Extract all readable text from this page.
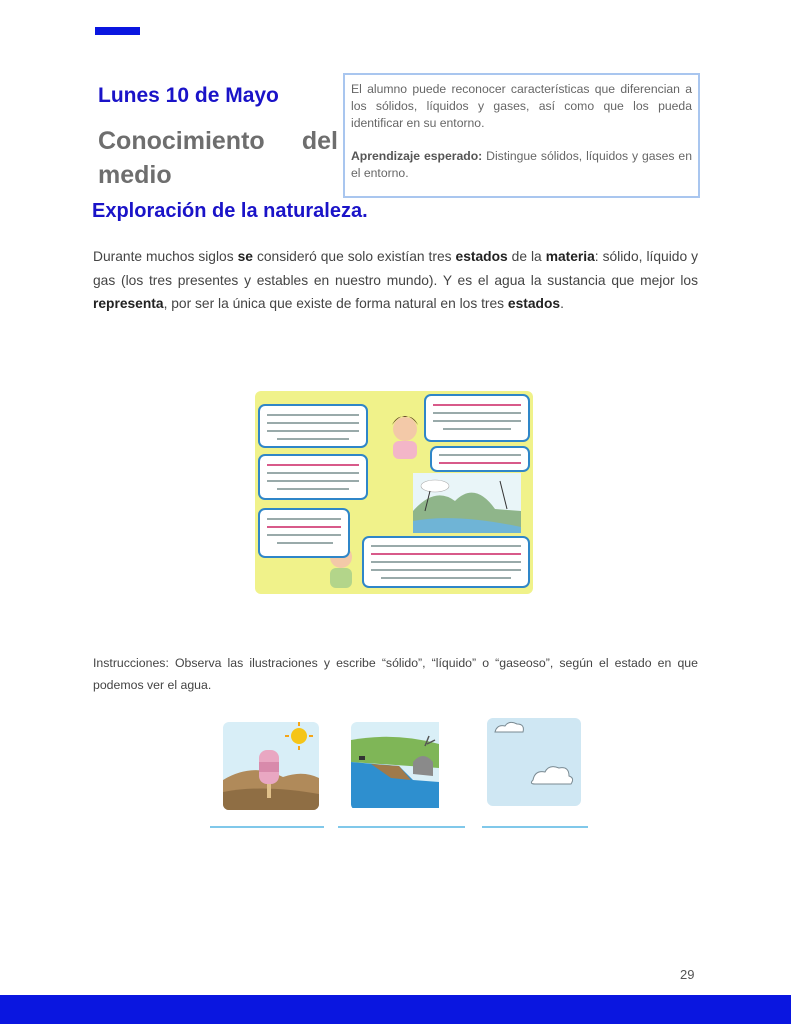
Lunes 10 de Mayo
Conocimiento del medio

El alumno puede reconocer características que diferencian a los sólidos, líquidos y gases, así como que los pueda identificar en su entorno.

Aprendizaje esperado: Distingue sólidos, líquidos y gases en el entorno.

Exploración de la naturaleza.

Durante muchos siglos se consideró que solo existían tres estados de la materia: sólido, líquido y gas (los tres presentes y estables en nuestro mundo). Y es el agua la sustancia que mejor los representa, por ser la única que existe de forma natural en los tres estados.

Instrucciones: Observa las ilustraciones y escribe “sólido”, “líquido” o “gaseoso”, según el estado en que podemos ver el agua.

29
